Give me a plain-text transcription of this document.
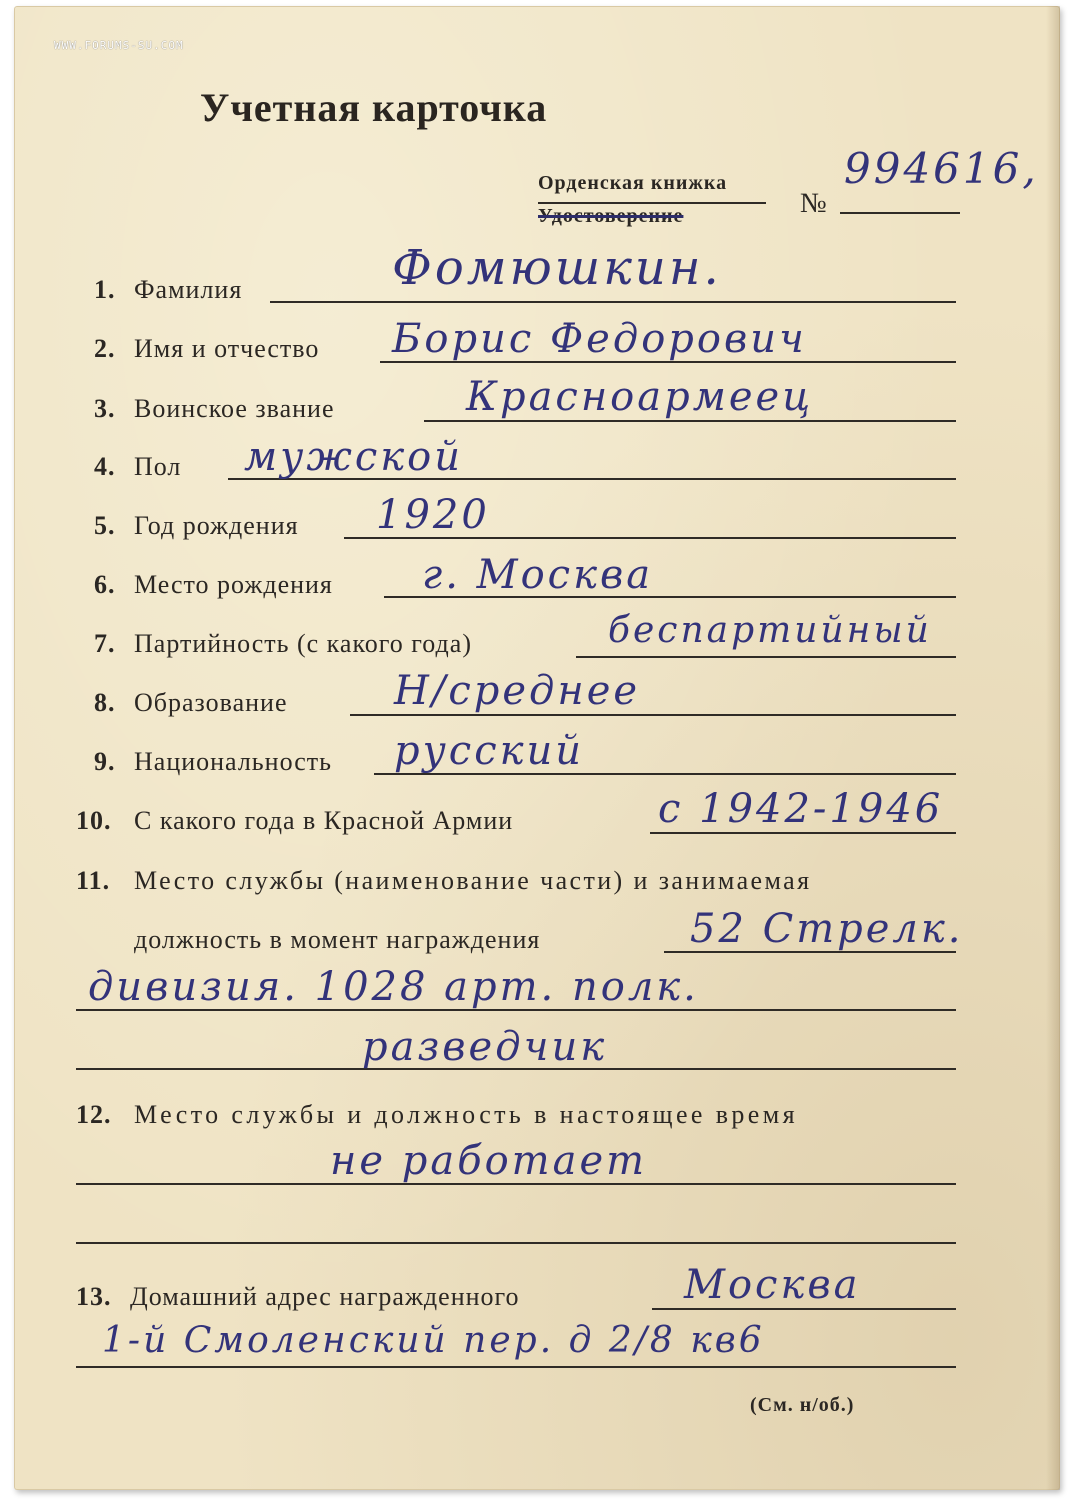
WWW.FORUMS-SU.COM
Учетная карточка
Орденская книжка
Удостоверение	№
994616,
1. Фамилия	Фомюшкин.
2. Имя и отчество Борис Федорович
3. Воинское звание	Красноармеец
4. Пол мужской
5. Год рождения 1920
6. Место рождения г. Москва
7. Партийность (с какого года)	беспартийный
8. Образование	Н/среднее
9. Национальность русский
10. С какого года в Красной Армии	с 1942-1946
11. Место службы (наименование части) и занимаемая
должность в момент награждения	52 Стрелк.
дивизия. 1028 арт. полк.
разведчик
12. Место службы и должность в настоящее время
не работает
13. Домашний адрес награжденного	Москва
1-й Смоленский пер. д 2/8 кв6
(См. н/об.)
